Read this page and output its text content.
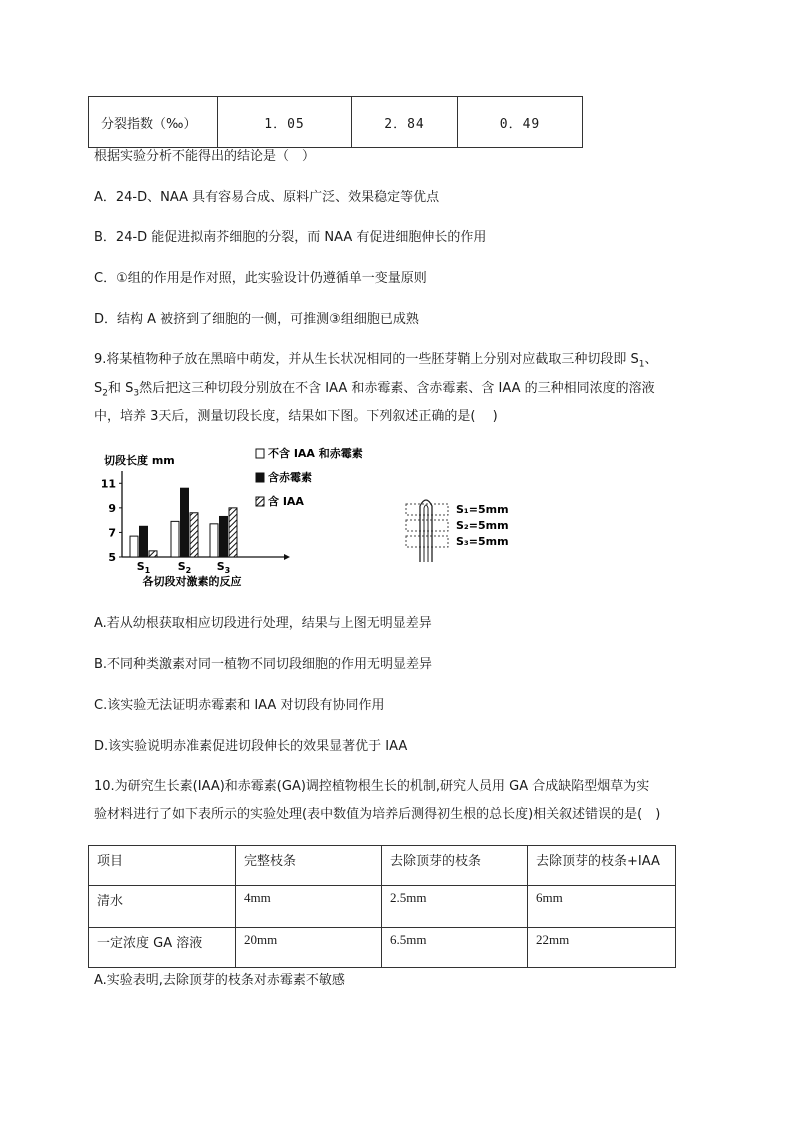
分裂指数（‰）	1．05	2．84	0．49
根据实验分析不能得出的结论是（　）
A．24-D、NAA 具有容易合成、原料广泛、效果稳定等优点
B．24-D 能促进拟南芥细胞的分裂，而 NAA 有促进细胞伸长的作用
C．①组的作用是作对照，此实验设计仍遵循单一变量原则
D．结构 A 被挤到了细胞的一侧，可推测③组细胞已成熟
9.将某植物种子放在黑暗中萌发，并从生长状况相同的一些胚芽鞘上分别对应截取三种切段即 $S_1$、
$S_2$和 $S_3$然后把这三种切段分别放在不含 IAA 和赤霉素、含赤霉素、含 IAA 的三种相同浓度的溶液
中，培养 3天后，测量切段长度，结果如下图。下列叙述正确的是(　 )
切段长度 mm
不含 IAA 和赤霉素
含赤霉素
含 IAA
5
7
9
11
$S_1$ $S_2$ $S_3$
各切段对激素的反应
S₁=5mm
S₂=5mm
S₃=5mm
A.若从幼根获取相应切段进行处理，结果与上图无明显差异
B.不同种类激素对同一植物不同切段细胞的作用无明显差异
C.该实验无法证明赤霉素和 IAA 对切段有协同作用
D.该实验说明赤准素促进切段伸长的效果显著优于 IAA
10.为研究生长素(IAA)和赤霉素(GA)调控植物根生长的机制,研究人员用 GA 合成缺陷型烟草为实
验材料进行了如下表所示的实验处理(表中数值为培养后测得初生根的总长度)相关叙述错误的是(　)
项目	完整枝条	去除顶芽的枝条	去除顶芽的枝条+IAA
清水	4mm	2.5mm	6mm
一定浓度 GA 溶液	20mm	6.5mm	22mm
A.实验表明,去除顶芽的枝条对赤霉素不敏感
